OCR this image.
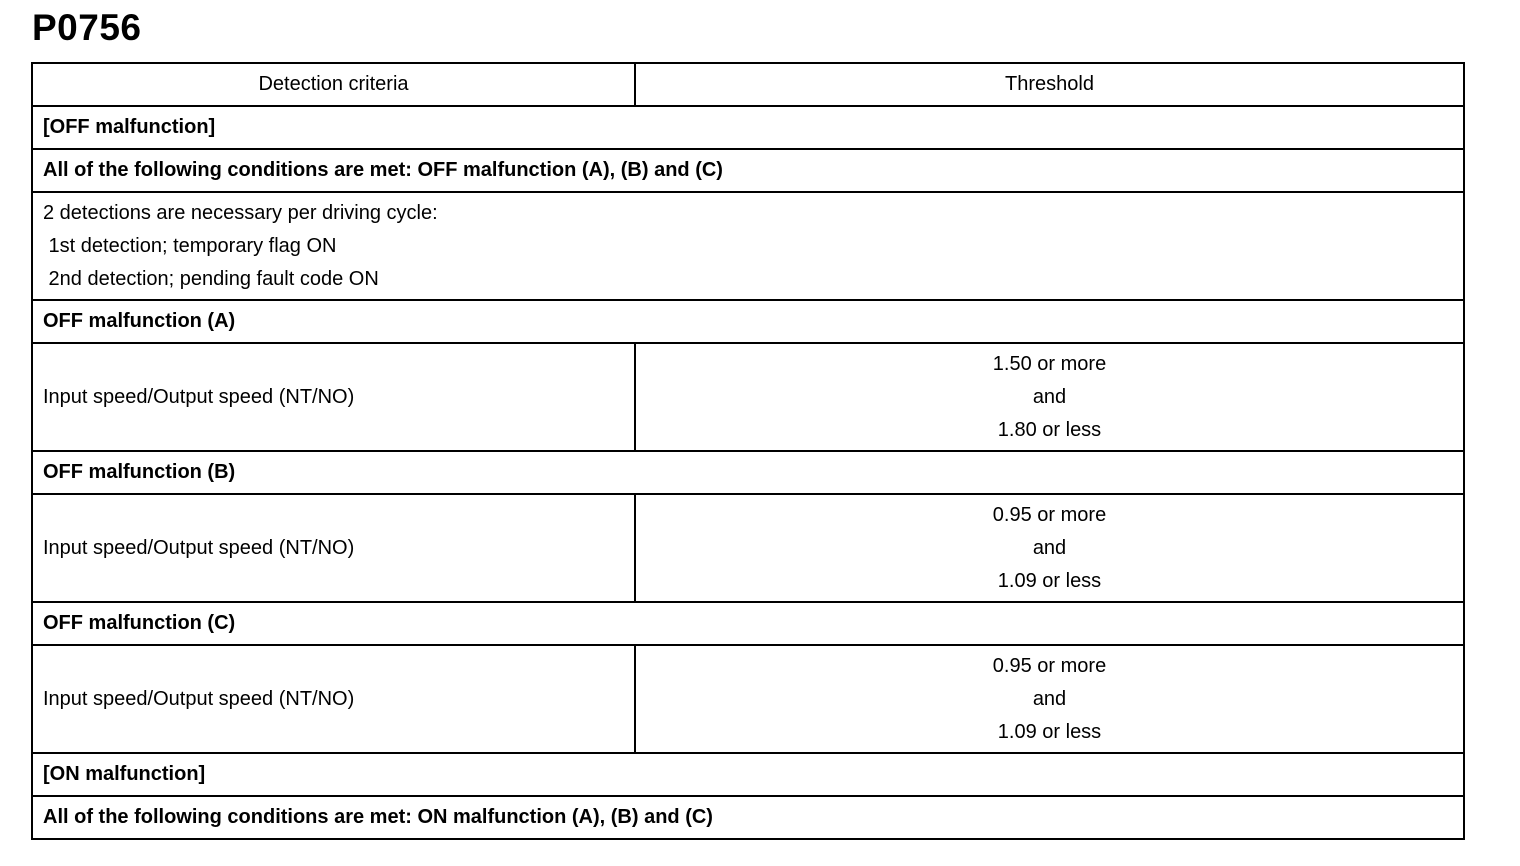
P0756
Detection criteria	Threshold
[OFF malfunction]	
All of the following conditions are met: OFF malfunction (A), (B) and (C)	

2 detections are necessary per driving cycle:
1st detection; temporary flag ON
2nd detection; pending fault code ON	

OFF malfunction (A)	
Input speed/Output speed (NT/NO)	1.50 or more
and
1.80 or less

OFF malfunction (B)	
Input speed/Output speed (NT/NO)	0.95 or more
and
1.09 or less

OFF malfunction (C)	
Input speed/Output speed (NT/NO)	0.95 or more
and
1.09 or less

[ON malfunction]	
All of the following conditions are met: ON malfunction (A), (B) and (C)	
